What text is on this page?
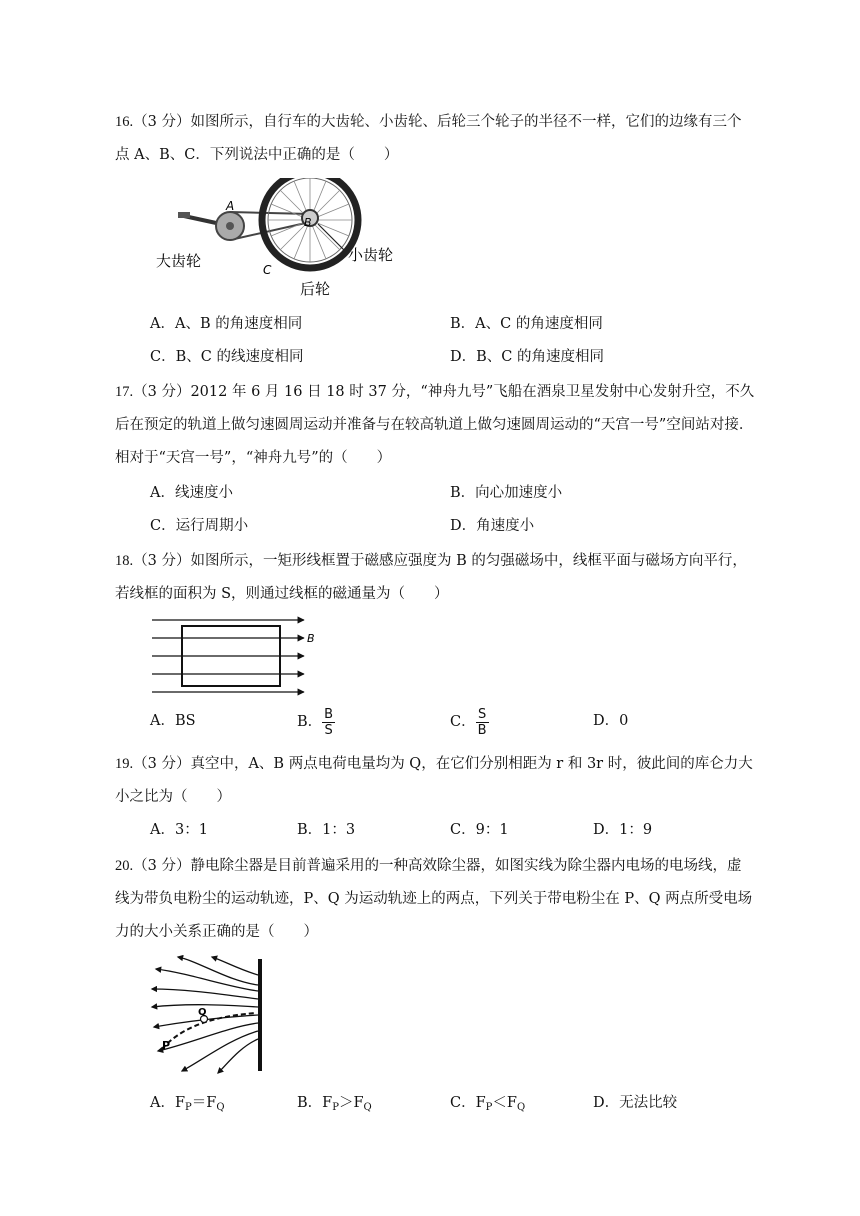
16.（3 分）如图所示，自行车的大齿轮、小齿轮、后轮三个轮子的半径不一样，它们的边缘有三个点 A、B、C．下列说法中正确的是（　　）
A
B
C
大齿轮	小齿轮
后轮
A．A、B 的角速度相同	B．A、C 的角速度相同
C．B、C 的线速度相同	D．B、C 的角速度相同
17.（3 分）2012 年 6 月 16 日 18 时 37 分，“神舟九号”飞船在酒泉卫星发射中心发射升空，不久后在预定的轨道上做匀速圆周运动并准备与在较高轨道上做匀速圆周运动的“天宫一号”空间站对接．相对于“天宫一号”，“神舟九号”的（　　）
A．线速度小	B．向心加速度小
C．运行周期小	D．角速度小
18.（3 分）如图所示，一矩形线框置于磁感应强度为 B 的匀强磁场中，线框平面与磁场方向平行，若线框的面积为 S，则通过线框的磁通量为（　　）
B
A．BS	B． $\frac{B}{S}$	C． $\frac{S}{B}$	D．0
19.（3 分）真空中，A、B 两点电荷电量均为 Q，在它们分别相距为 r 和 3r 时，彼此间的库仑力大小之比为（　　）
A．3：1	B．1：3	C．9：1	D．1：9
20.（3 分）静电除尘器是目前普遍采用的一种高效除尘器，如图实线为除尘器内电场的电场线，虚线为带负电粉尘的运动轨迹，P、Q 为运动轨迹上的两点，下列关于带电粉尘在 P、Q 两点所受电场力的大小关系正确的是（　　）
Q
P
A．$F_P=F_Q$	B．$F_P>F_Q$	C．$F_P<F_Q$	D．无法比较
